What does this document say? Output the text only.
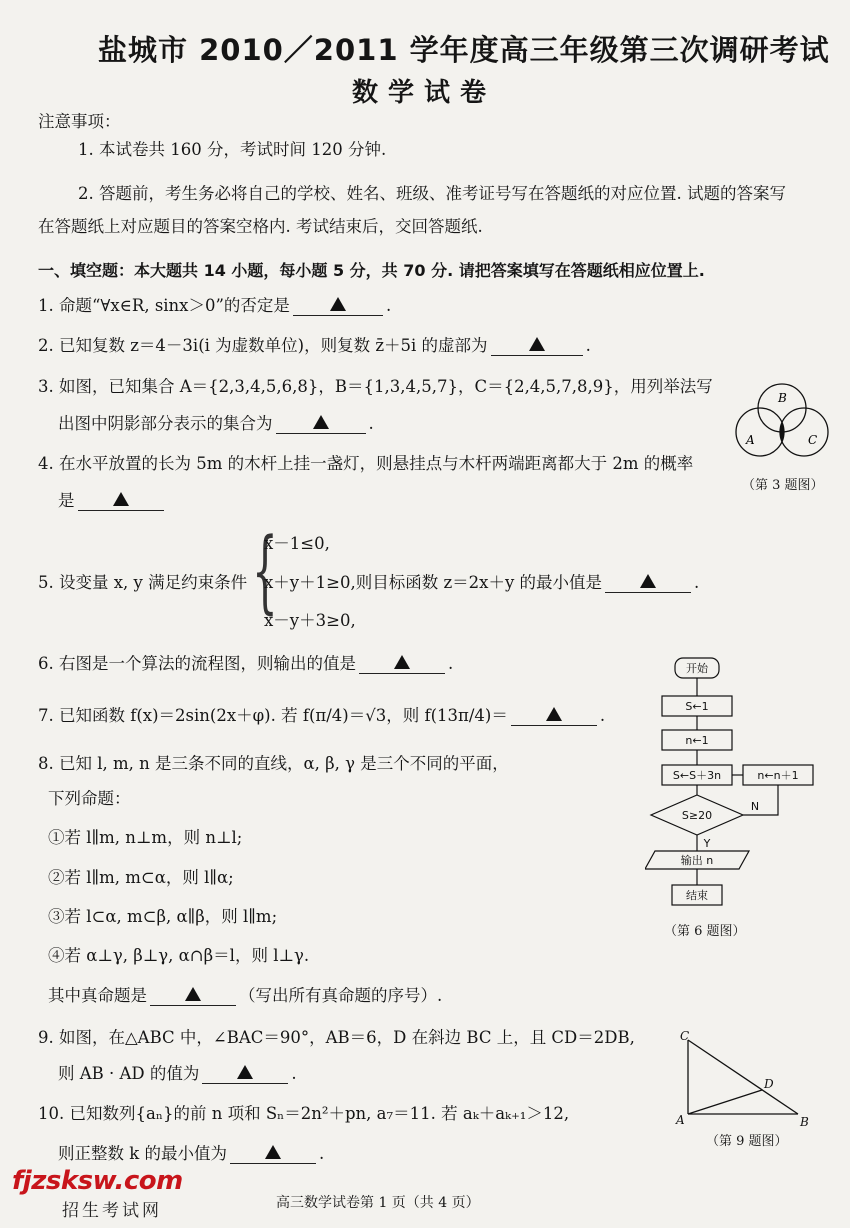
盐城市 2010／2011 学年度高三年级第三次调研考试
数学试卷
注意事项：
1. 本试卷共 160 分，考试时间 120 分钟.
2. 答题前，考生务必将自己的学校、姓名、班级、准考证号写在答题纸的对应位置. 试题的答案写
在答题纸上对应题目的答案空格内. 考试结束后，交回答题纸.
一、填空题：本大题共 14 小题，每小题 5 分，共 70 分. 请把答案填写在答题纸相应位置上.
1. 命题“∀x∈R, sinx＞0”的否定是	.
2. 已知复数 z＝4－3i(i 为虚数单位)，则复数 z̄＋5i 的虚部为	.
3. 如图，已知集合 A＝{2,3,4,5,6,8}，B＝{1,3,4,5,7}，C＝{2,4,5,7,8,9}，用列举法写
出图中阴影部分表示的集合为	.
B
A	C
（第 3 题图）
4. 在水平放置的长为 5m 的木杆上挂一盏灯，则悬挂点与木杆两端距离都大于 2m 的概率
是
5. 设变量 x, y 满足约束条件 {
x－1≤0,
x＋y＋1≥0,则目标函数 z＝2x＋y 的最小值是	.
x－y＋3≥0,
6. 右图是一个算法的流程图，则输出的值是	.
7. 已知函数 f(x)＝2sin(2x＋φ). 若 f(π/4)＝√3，则 f(13π/4)＝	.
8. 已知 l, m, n 是三条不同的直线，α, β, γ 是三个不同的平面，
下列命题：
①若 l∥m, n⊥m，则 n⊥l;
②若 l∥m, m⊂α，则 l∥α;
③若 l⊂α, m⊂β, α∥β，则 l∥m;
④若 α⊥γ, β⊥γ, α∩β＝l，则 l⊥γ.
其中真命题是	（写出所有真命题的序号）.
9. 如图，在△ABC 中，∠BAC＝90°，AB＝6，D 在斜边 BC 上，且 CD＝2DB,
则 AB · AD 的值为	.
10. 已知数列{aₙ}的前 n 项和 Sₙ＝2n²＋pn, a₇＝11. 若 aₖ＋aₖ₊₁＞12,
则正整数 k 的最小值为	.
开始
S←1
n←1
S←S＋3n	n←n＋1
S≥20
N
Y
输出 n
结束
（第 6 题图）
C
A	B
D
（第 9 题图）
fjzsksw.com
招生考试网	高三数学试卷第 1 页（共 4 页）
